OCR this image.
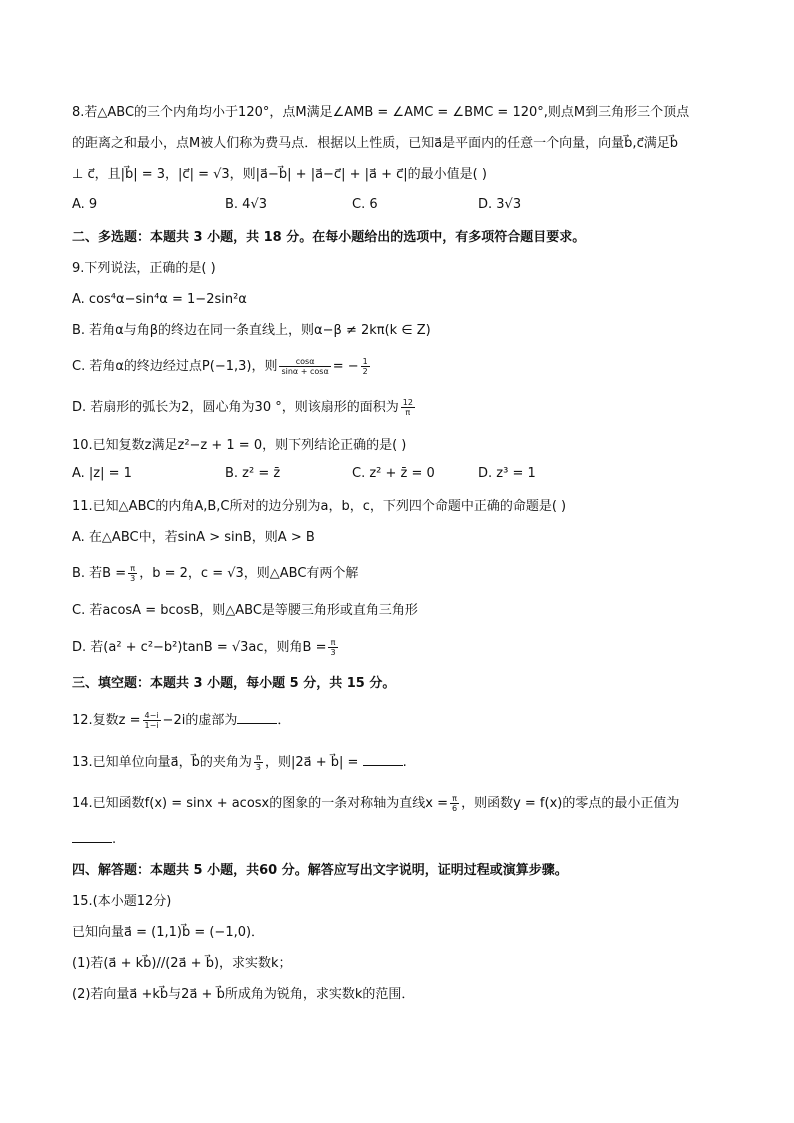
8.若△ABC的三个内角均小于120°，点M满足∠AMB = ∠AMC = ∠BMC = 120°,则点M到三角形三个顶点
的距离之和最小，点M被人们称为费马点．根据以上性质，已知a⃗是平面内的任意一个向量，向量b⃗,c⃗满足b⃗
⊥ c⃗，且|b⃗| = 3，|c⃗| = √3，则|a⃗−b⃗| + |a⃗−c⃗| + |a⃗ + c⃗|的最小值是( )
A. 9	B. 4√3	C. 6	D. 3√3
二、多选题：本题共 3 小题，共 18 分。在每小题给出的选项中，有多项符合题目要求。
9.下列说法，正确的是( )
A. cos⁴α−sin⁴α = 1−2sin²α
B. 若角α与角β的终边在同一条直线上，则α−β ≠ 2kπ(k ∈ Z)
C. 若角α的终边经过点P(−1,3)，则 $\frac{\cos\alpha}{\sin\alpha + \cos\alpha}$ = − $\frac{1}{2}$
D. 若扇形的弧长为2，圆心角为30 °，则该扇形的面积为 $\frac{12}{\pi}$
10.已知复数z满足z²−z + 1 = 0，则下列结论正确的是( )
A. |z| = 1	B. z² = z̄	C. z² + z̄ = 0	D. z³ = 1
11.已知△ABC的内角A,B,C所对的边分别为a，b，c，下列四个命题中正确的命题是( )
A. 在△ABC中，若sinA > sinB，则A > B
B. 若$B = \frac{\pi}{3}$ ，b = 2，c = √3，则△ABC有两个解
C. 若acosA = bcosB，则△ABC是等腰三角形或直角三角形
D. 若(a² + c²−b²)tanB = √3ac，则角$B = \frac{\pi}{3}$
三、填空题：本题共 3 小题，每小题 5 分，共 15 分。
12.复数$z = \frac{4-i}{1-i} -2i$的虚部为	．
13.已知单位向量a⃗，b⃗的夹角为 $\frac{\pi}{3}$ ，则|2a⃗ + b⃗| =	.
14.已知函数f(x) = sinx + acosx的图象的一条对称轴为直线$x = \frac{\pi}{6}$ ，则函数y = f(x)的零点的最小正值为
.
四、解答题：本题共 5 小题，共60 分。解答应写出文字说明，证明过程或演算步骤。
15.(本小题12分)
已知向量a⃗ = (1,1)b⃗ = (−1,0)．
(1)若(a⃗ + kb⃗)//(2a⃗ + b⃗)，求实数k；
(2)若向量a⃗ +kb⃗与2a⃗ + b⃗所成角为锐角，求实数k的范围．
